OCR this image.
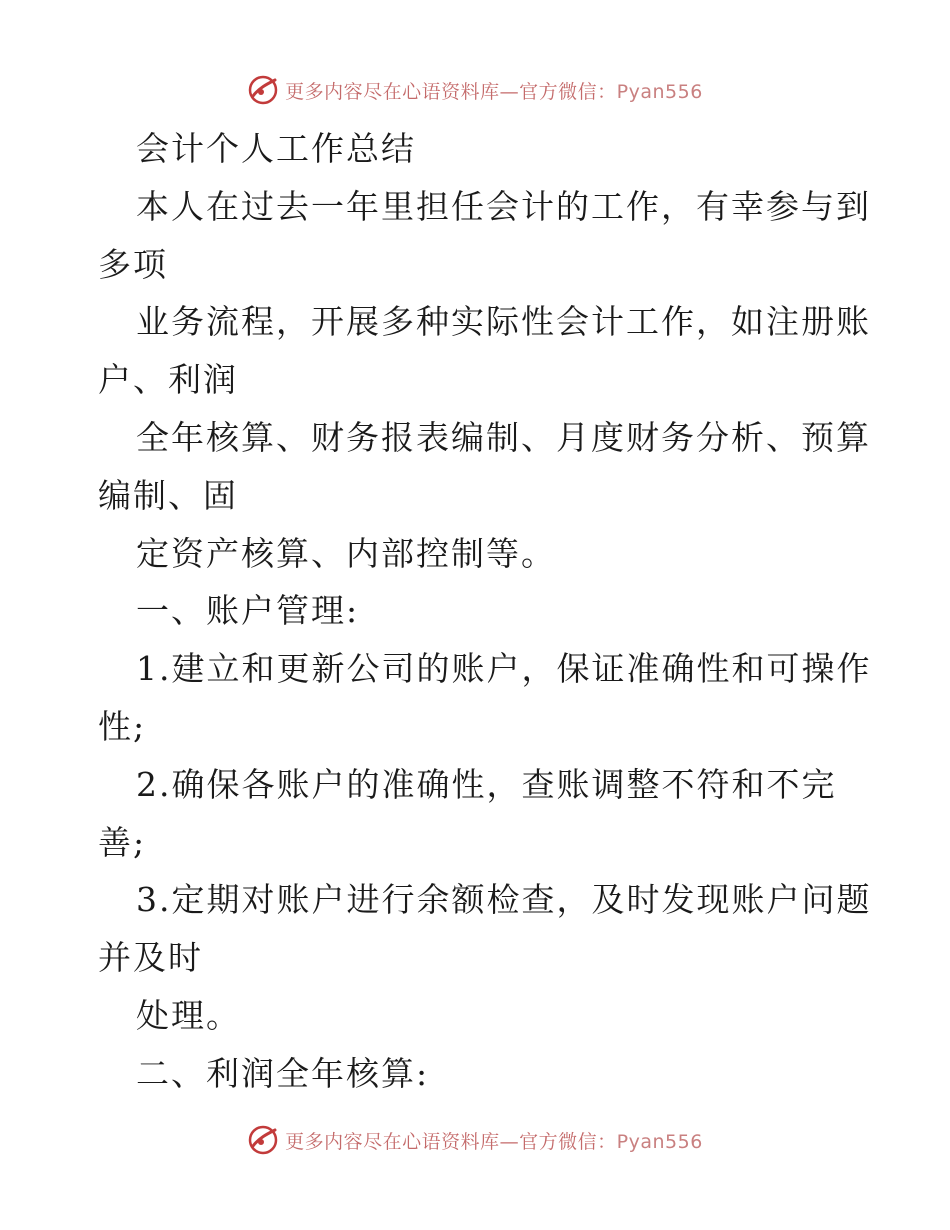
更多内容尽在心语资料库—官方微信：Pyan556
会计个人工作总结
本人在过去一年里担任会计的工作，有幸参与到
多项
业务流程，开展多种实际性会计工作，如注册账
户、利润
全年核算、财务报表编制、月度财务分析、预算
编制、固
定资产核算、内部控制等。
一、账户管理:
1.建立和更新公司的账户，保证准确性和可操作
性;
2.确保各账户的准确性，查账调整不符和不完
善;
3.定期对账户进行余额检查，及时发现账户问题
并及时
处理。
二、利润全年核算:
更多内容尽在心语资料库—官方微信：Pyan556
